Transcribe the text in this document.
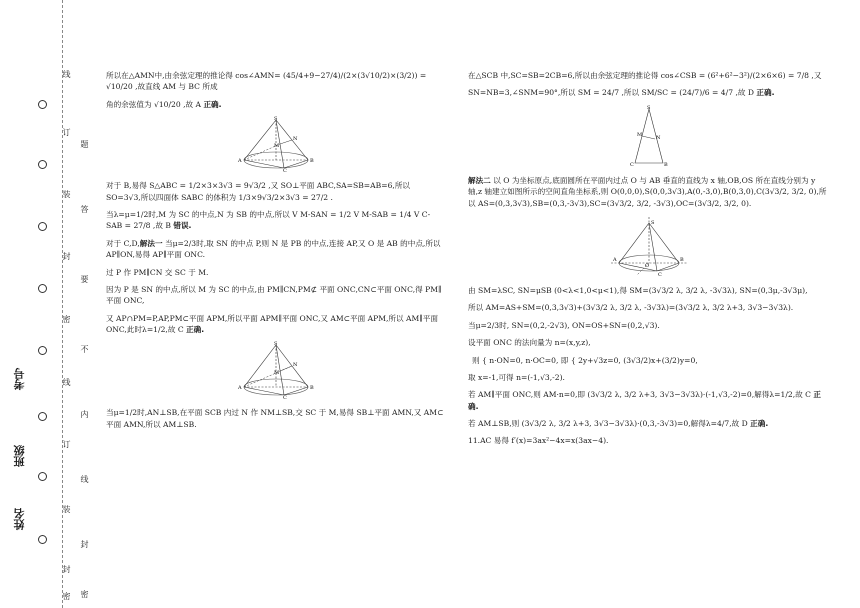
线
订
装
封
密
线
订
装
封
密
题
答
要
不
内
线
封
密
考号
班级
姓名

所以在△AMN中,由余弦定理的推论得 cos∠AMN= (45/4+9−27/4)/(2×(3√10/2)×(3/2)) = √10/20 ,故直线 AM 与 BC 所成

角的余弦值为 √10/20 ,故 A 正确.

S
M
N
A	B
C

对于 B,易得 S△ABC = 1/2×3×3√3 = 9√3/2 ,又 SO⊥平面 ABC,SA=SB=AB=6,所以 SO=3√3,所以四面体 SABC 的体积为 1/3×9√3/2×3√3 = 27/2 .

当λ=μ=1/2时,M 为 SC 的中点,N 为 SB 的中点,所以 V M-SAN = 1/2 V M-SAB = 1/4 V C-SAB = 27/8 ,故 B 错误.

对于 C,D,解法一 当μ=2/3时,取 SN 的中点 P,则 N 是 PB 的中点,连接 AP,又 O 是 AB 的中点,所以 AP∥ON,易得 AP∥平面 ONC.

过 P 作 PM∥CN 交 SC 于 M.

因为 P 是 SN 的中点,所以 M 为 SC 的中点,由 PM∥CN,PM⊄ 平面 ONC,CN⊂平面 ONC,得 PM∥平面 ONC,

又 AP∩PM=P,AP,PM⊂平面 APM,所以平面 APM∥平面 ONC,又 AM⊂平面 APM,所以 AM∥平面 ONC,此时λ=1/2,故 C 正确.

S
M
N
A	B
C

当μ=1/2时,AN⊥SB,在平面 SCB 内过 N 作 NM⊥SB,交 SC 于 M,易得 SB⊥平面 AMN,又 AM⊂平面 AMN,所以 AM⊥SB.

在△SCB 中,SC=SB=2CB=6,所以由余弦定理的推论得 cos∠CSB = (6²+6²−3²)/(2×6×6) = 7/8 ,又

SN=NB=3,∠SNM=90°,所以 SM = 24/7 ,所以 SM/SC = (24/7)/6 = 4/7 ,故 D 正确.

S
M	N
C	B

解法二 以 O 为坐标原点,底面圆所在平面内过点 O 与 AB 垂直的直线为 x 轴,OB,OS 所在直线分别为 y 轴,z 轴建立如图所示的空间直角坐标系,则 O(0,0,0),S(0,0,3√3),A(0,-3,0),B(0,3,0),C(3√3/2, 3/2, 0),所以 AS=(0,3,3√3),SB=(0,3,-3√3),SC=(3√3/2, 3/2, -3√3),OC=(3√3/2, 3/2, 0).

S
A	B
C
O

由 SM=λSC, SN=μSB (0<λ<1,0<μ<1),得 SM=(3√3/2 λ, 3/2 λ, -3√3λ), SN=(0,3μ,-3√3μ),

所以 AM=AS+SM=(0,3,3√3)+(3√3/2 λ, 3/2 λ, -3√3λ)=(3√3/2 λ, 3/2 λ+3, 3√3−3√3λ).

当μ=2/3时, SN=(0,2,-2√3), ON=OS+SN=(0,2,√3).

设平面 ONC 的法向量为 n=(x,y,z),

则 { n·ON=0, n·OC=0, 即 { 2y+√3z=0, (3√3/2)x+(3/2)y=0,

取 x=-1,可得 n=(-1,√3,-2).

若 AM∥平面 ONC,则 AM·n=0,即 (3√3/2 λ, 3/2 λ+3, 3√3−3√3λ)·(-1,√3,-2)=0,解得λ=1/2,故 C 正确.

若 AM⊥SB,则 (3√3/2 λ, 3/2 λ+3, 3√3−3√3λ)·(0,3,-3√3)=0,解得λ=4/7,故 D 正确.

11.AC 易得 f′(x)=3ax²−4x=x(3ax−4).
